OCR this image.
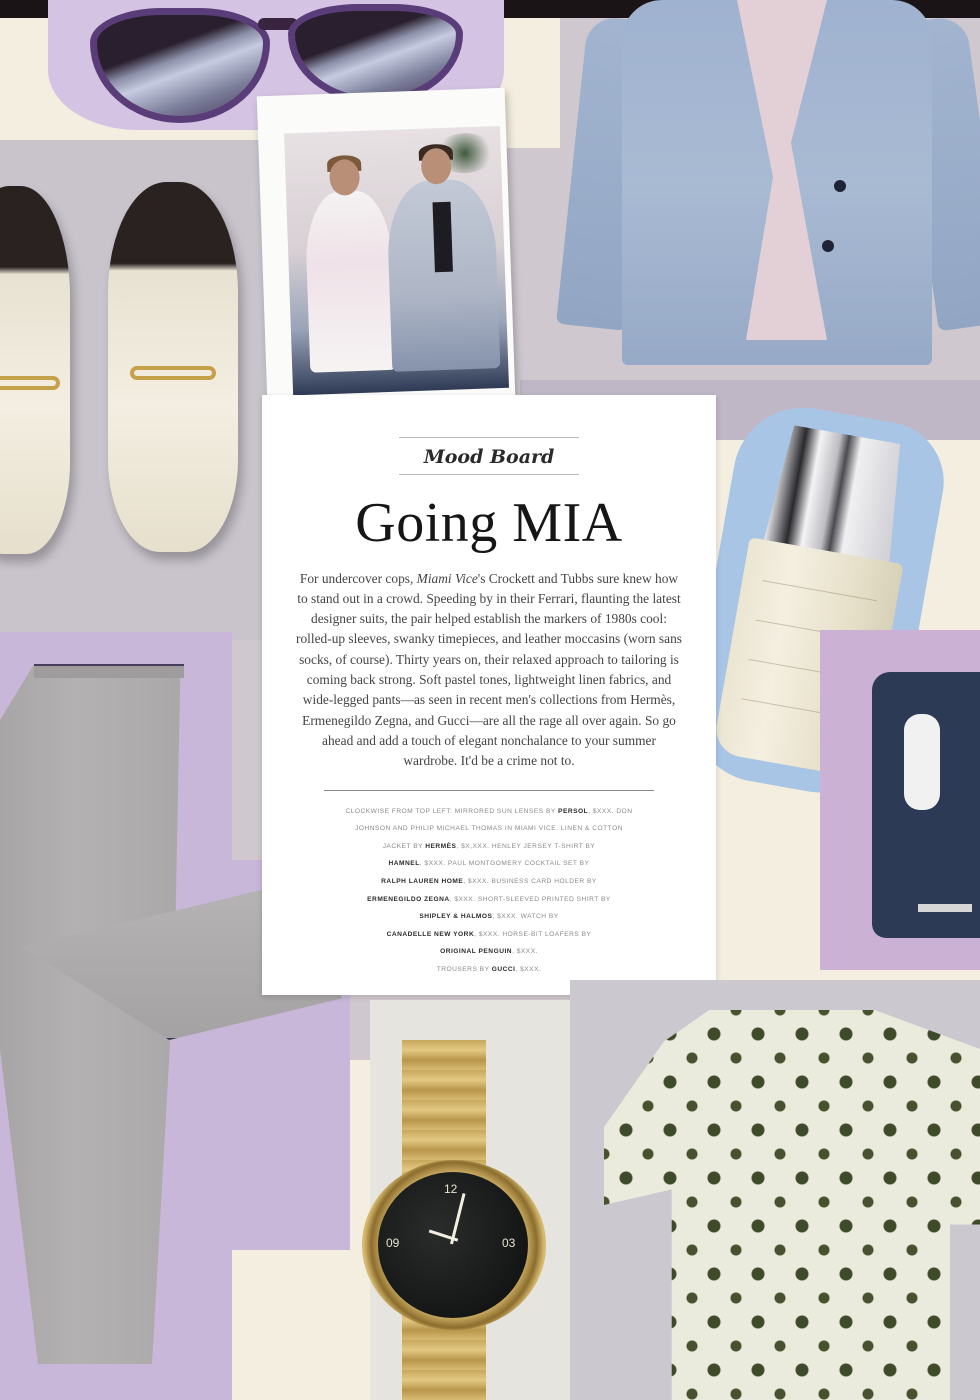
Mood Board
Going MIA

For undercover cops, Miami Vice's Crockett and Tubbs sure knew how to stand out in a crowd. Speeding by in their Ferrari, flaunting the latest designer suits, the pair helped establish the markers of 1980s cool: rolled-up sleeves, swanky timepieces, and leather moccasins (worn sans socks, of course). Thirty years on, their relaxed approach to tailoring is coming back strong. Soft pastel tones, lightweight linen fabrics, and wide-legged pants—as seen in recent men's collections from Hermès, Ermenegildo Zegna, and Gucci—are all the rage all over again. So go ahead and add a touch of elegant nonchalance to your summer wardrobe. It'd be a crime not to.

CLOCKWISE FROM TOP LEFT: MIRRORED SUN LENSES BY PERSOL, $XXX. DON
JOHNSON AND PHILIP MICHAEL THOMAS IN MIAMI VICE. LINEN & COTTON
JACKET BY HERMÈS, $X,XXX. HENLEY JERSEY T-SHIRT BY
HAMNEL, $XXX. PAUL MONTGOMERY COCKTAIL SET BY
RALPH LAUREN HOME, $XXX. BUSINESS CARD HOLDER BY
ERMENEGILDO ZEGNA, $XXX. SHORT-SLEEVED PRINTED SHIRT BY
SHIPLEY & HALMOS, $XXX. WATCH BY
CANADELLE NEW YORK, $XXX. HORSE-BIT LOAFERS BY
ORIGINAL PENGUIN, $XXX.
TROUSERS BY GUCCI, $XXX.
12
09	03
